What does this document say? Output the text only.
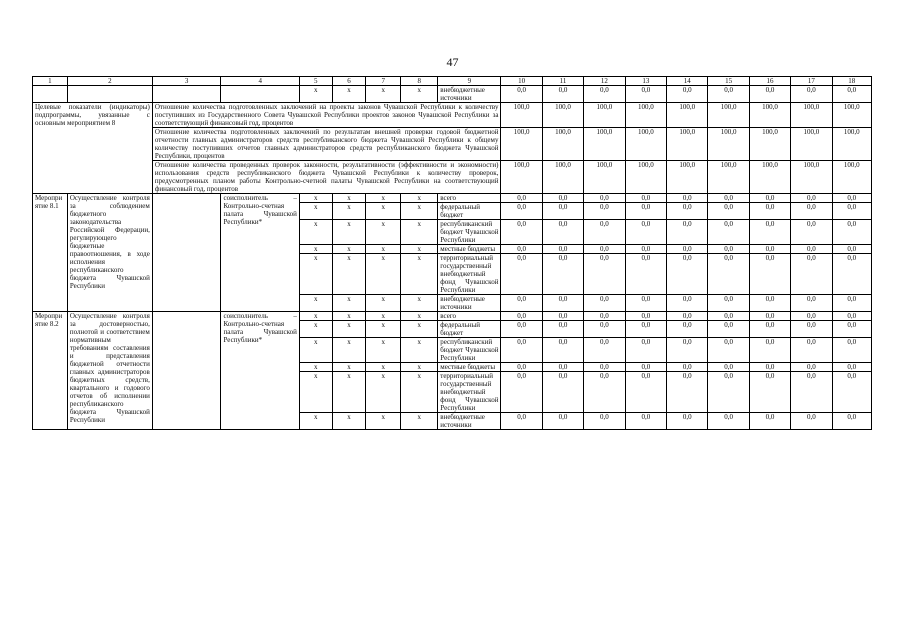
47
1	2	3	4	5	6	7	8	9	10	11	12	13	14	15	16	17	18
				x	x	x	x	внебюджетные источники	0,0	0,0	0,0	0,0	0,0	0,0	0,0	0,0	0,0
Целевые показатели (индикаторы) подпрограммы, увязанные с основным мероприятием 8		Отношение количества подготовленных заключений на проекты законов Чувашской Республики к количеству поступивших из Государственного Совета Чувашской Республики проектов законов Чувашской Республики за соответствующий финансовый год, процентов							100,0	100,0	100,0	100,0	100,0	100,0	100,0	100,0	100,0
		Отношение количества подготовленных заключений по результатам внешней проверки годовой бюджетной отчетности главных администраторов средств республиканского бюджета Чувашской Республики к общему количеству поступивших отчетов главных администраторов средств республиканского бюджета Чувашской Республики, процентов							100,0	100,0	100,0	100,0	100,0	100,0	100,0	100,0	100,0
		Отношение количества проведенных проверок законности, результативности (эффективности и экономности) использования средств республиканского бюджета Чувашской Республики к количеству проверок, предусмотренных планом работы Контрольно-счетной палаты Чувашской Республики на соответствующий финансовый год, процентов							100,0	100,0	100,0	100,0	100,0	100,0	100,0	100,0	100,0
Мероприятие 8.1	Осуществление контроля за соблюдением бюджетного законодательства Российской Федерации, регулирующего бюджетные правоотношения, в ходе исполнения республиканского бюджета Чувашской Республики		соисполнитель – Контрольно-счетная палата Чувашской Республики*	x	x	x	x	всего	0,0	0,0	0,0	0,0	0,0	0,0	0,0	0,0	0,0
				x	x	x	x	федеральный бюджет	0,0	0,0	0,0	0,0	0,0	0,0	0,0	0,0	0,0
				x	x	x	x	республиканский бюджет Чувашской Республики	0,0	0,0	0,0	0,0	0,0	0,0	0,0	0,0	0,0
				x	x	x	x	местные бюджеты	0,0	0,0	0,0	0,0	0,0	0,0	0,0	0,0	0,0
				x	x	x	x	территориальный государственный внебюджетный фонд Чувашской Республики	0,0	0,0	0,0	0,0	0,0	0,0	0,0	0,0	0,0
				x	x	x	x	внебюджетные источники	0,0	0,0	0,0	0,0	0,0	0,0	0,0	0,0	0,0
Мероприятие 8.2	Осуществление контроля за достоверностью, полнотой и соответствием нормативным требованиям составления и представления бюджетной отчетности главных администраторов бюджетных средств, квартального и годового отчетов об исполнении республиканского бюджета Чувашской Республики		соисполнитель – Контрольно-счетная палата Чувашской Республики*	x	x	x	x	всего	0,0	0,0	0,0	0,0	0,0	0,0	0,0	0,0	0,0
				x	x	x	x	федеральный бюджет	0,0	0,0	0,0	0,0	0,0	0,0	0,0	0,0	0,0
				x	x	x	x	республиканский бюджет Чувашской Республики	0,0	0,0	0,0	0,0	0,0	0,0	0,0	0,0	0,0
				x	x	x	x	местные бюджеты	0,0	0,0	0,0	0,0	0,0	0,0	0,0	0,0	0,0
				x	x	x	x	территориальный государственный внебюджетный фонд Чувашской Республики	0,0	0,0	0,0	0,0	0,0	0,0	0,0	0,0	0,0
				x	x	x	x	внебюджетные источники	0,0	0,0	0,0	0,0	0,0	0,0	0,0	0,0	0,0
